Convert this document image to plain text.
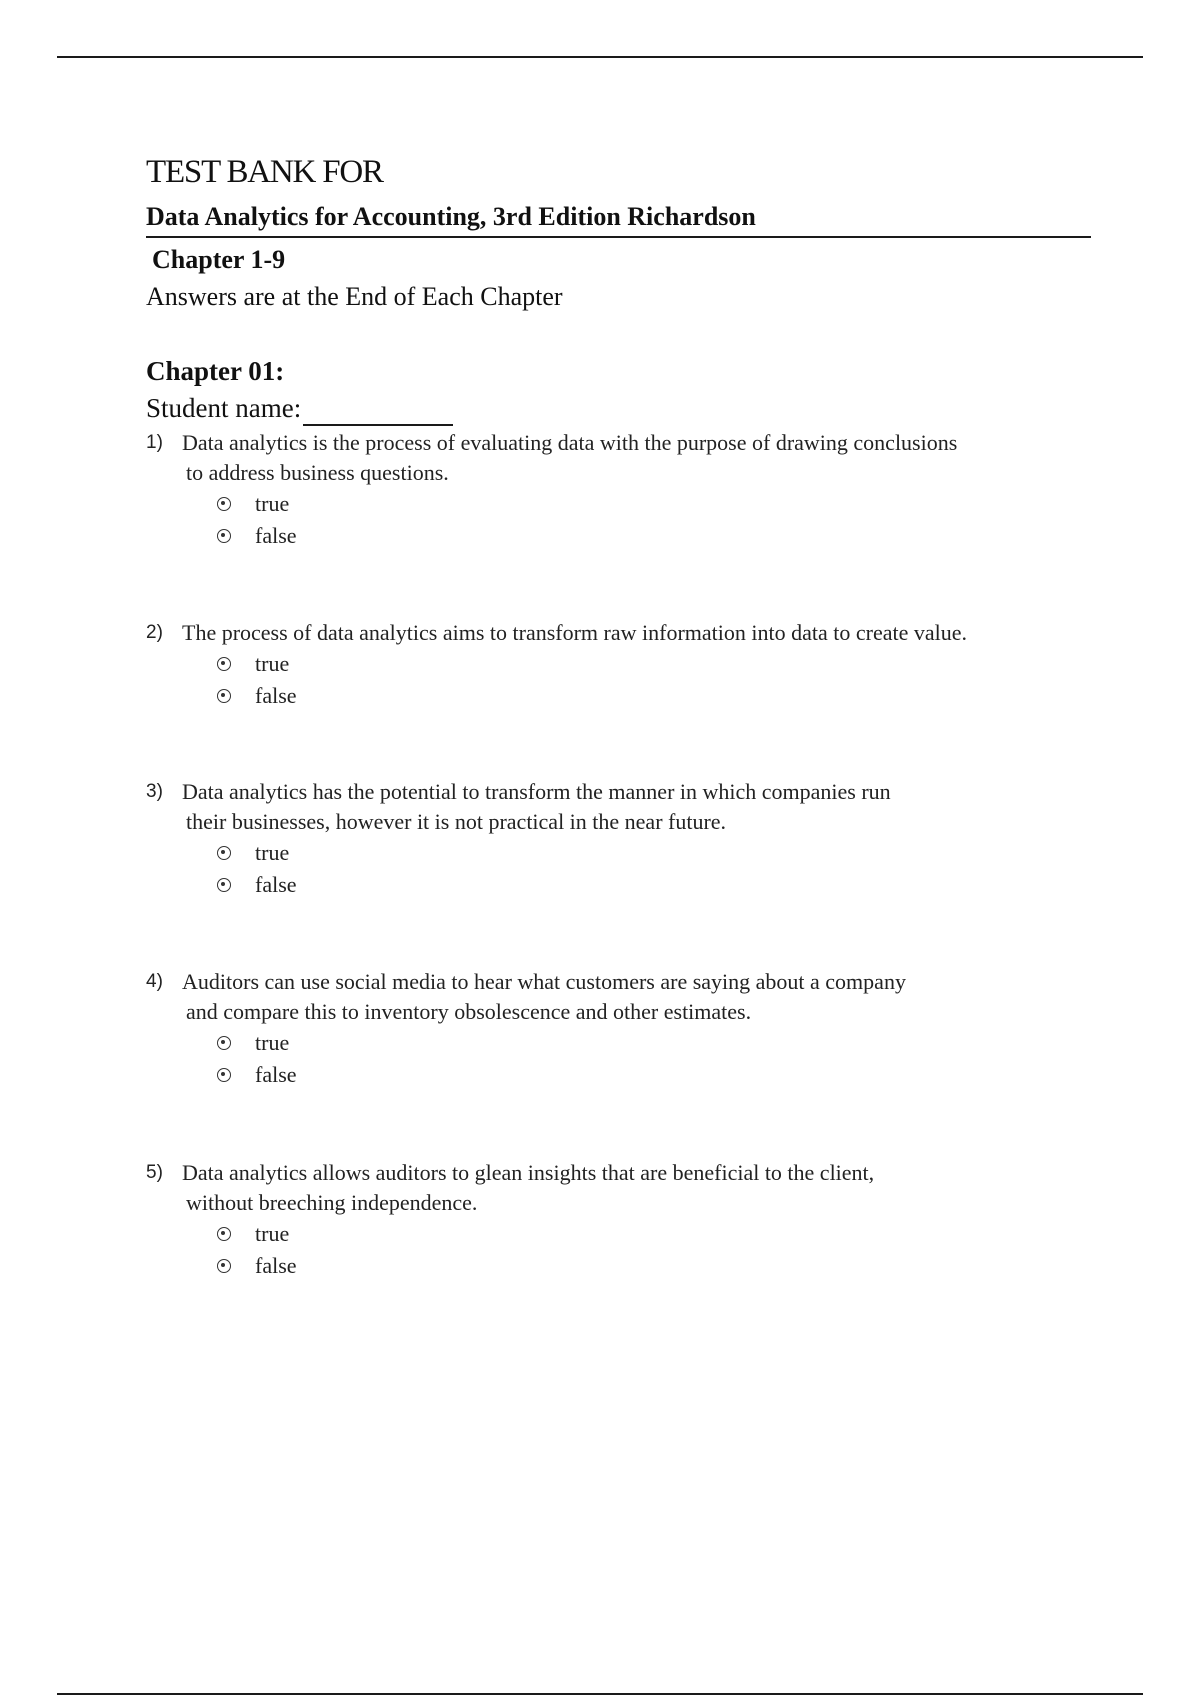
TEST BANK FOR
Data Analytics for Accounting, 3rd Edition Richardson
Chapter 1-9
Answers are at the End of Each Chapter
Chapter 01:
Student name:
1) Data analytics is the process of evaluating data with the purpose of drawing conclusions
to address business questions.
true
false
2) The process of data analytics aims to transform raw information into data to create value.
true
false
3) Data analytics has the potential to transform the manner in which companies run
their businesses, however it is not practical in the near future.
true
false
4) Auditors can use social media to hear what customers are saying about a company
and compare this to inventory obsolescence and other estimates.
true
false
5) Data analytics allows auditors to glean insights that are beneficial to the client,
without breeching independence.
true
false
